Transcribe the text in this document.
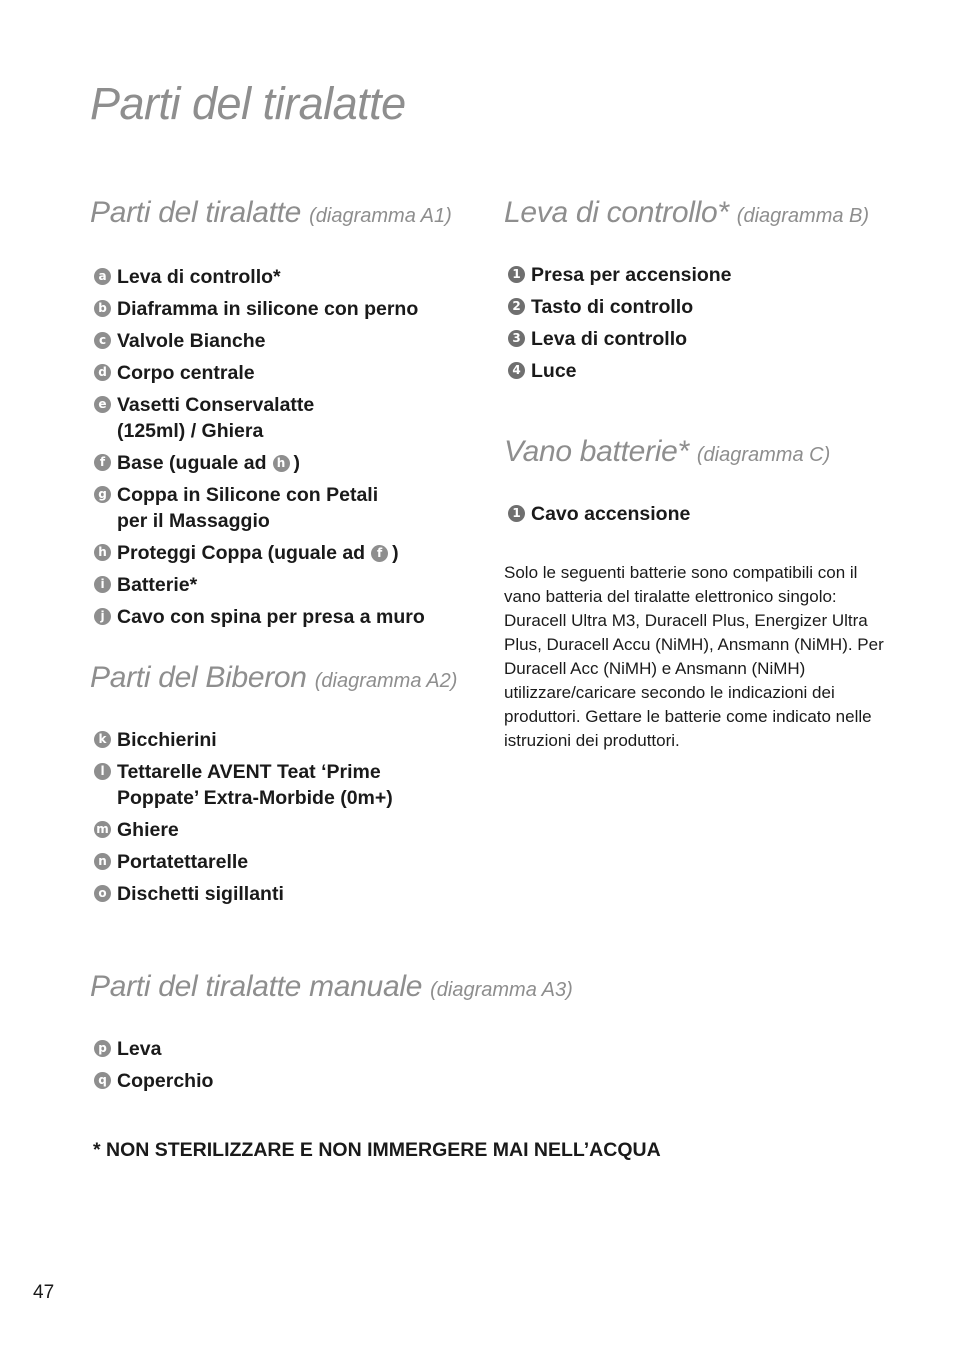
Parti del tiralatte
Parti del tiralatte (diagramma A1)
a Leva di controllo*
b Diaframma in silicone con perno
c Valvole Bianche
d Corpo centrale
e Vasetti Conservalatte
(125ml) / Ghiera
f Base (uguale ad h )
g Coppa in Silicone con Petali
per il Massaggio
h Proteggi Coppa (uguale ad f )
i Batterie*
j Cavo con spina per presa a muro
Parti del Biberon (diagramma A2)
k Bicchierini
l Tettarelle AVENT Teat ‘Prime
Poppate’ Extra-Morbide (0m+)
m Ghiere
n Portatettarelle
o Dischetti sigillanti
Leva di controllo* (diagramma B)
1 Presa per accensione
2 Tasto di controllo
3 Leva di controllo
4 Luce
Vano batterie* (diagramma C)
1 Cavo accensione

Solo le seguenti batterie sono compatibili con il vano batteria del tiralatte elettronico singolo: Duracell Ultra M3, Duracell Plus, Energizer Ultra Plus, Duracell Accu (NiMH), Ansmann (NiMH). Per Duracell Acc (NiMH) e Ansmann (NiMH) utilizzare/caricare secondo le indicazioni dei produttori. Gettare le batterie come indicato nelle istruzioni dei produttori.

Parti del tiralatte manuale (diagramma A3)
p Leva
q Coperchio

* NON STERILIZZARE E NON IMMERGERE MAI NELL’ACQUA

47
